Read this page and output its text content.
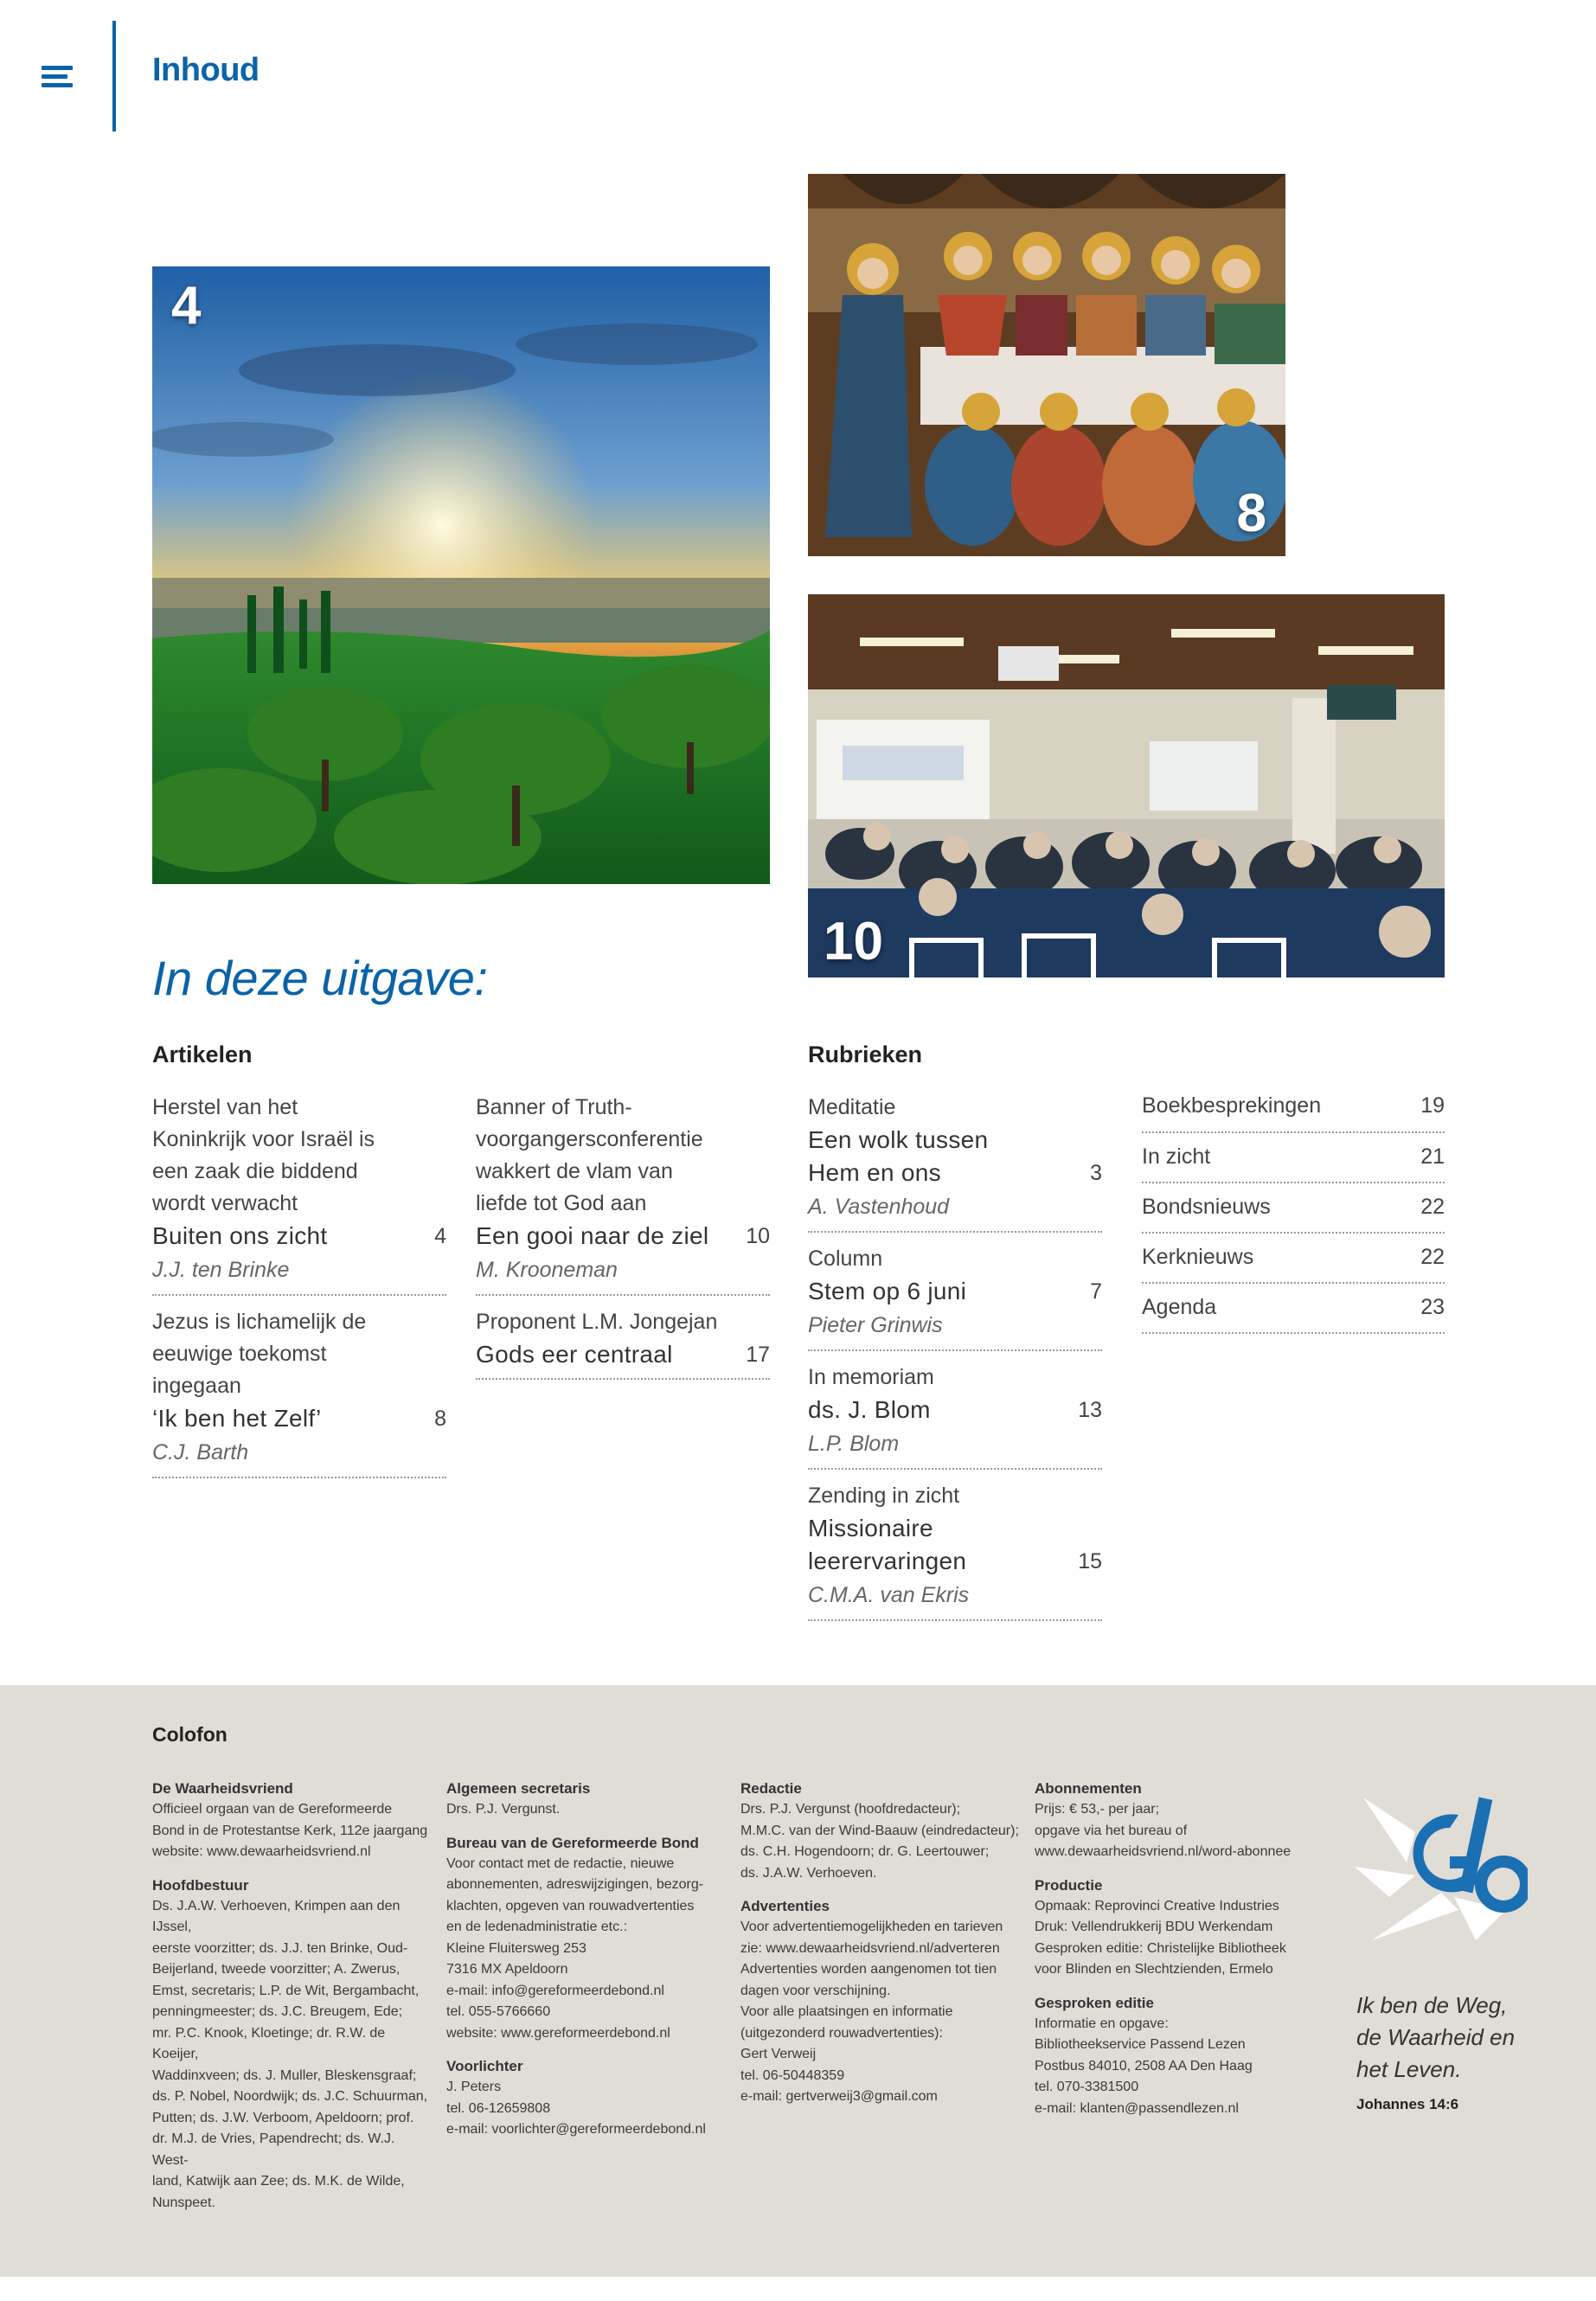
Inhoud
4
8
10
In deze uitgave:
Artikelen	Rubrieken
Herstel van het Koninkrijk voor Israël is een zaak die biddend wordt verwacht
Buiten ons zicht	4
J.J. ten Brinke
Jezus is lichamelijk de eeuwige toekomst ingegaan
‘Ik ben het Zelf’	8
C.J. Barth
Banner of Truth-voorgangersconferentie wakkert de vlam van liefde tot God aan
Een gooi naar de ziel 10
M. Krooneman
Proponent L.M. Jongejan
Gods eer centraal	17
Meditatie
Een wolk tussen Hem en ons	3
A. Vastenhoud
Column
Stem op 6 juni	7
Pieter Grinwis
In memoriam
ds. J. Blom	13
L.P. Blom
Zending in zicht
Missionaire leerervaringen	15
C.M.A. van Ekris
Boekbesprekingen	19
In zicht	21
Bondsnieuws	22
Kerknieuws	22
Agenda	23
Colofon
De Waarheidsvriend

Officieel orgaan van de Gereformeerde
Bond in de Protestantse Kerk, 112e jaargang
website: www.dewaarheidsvriend.nl

Hoofdbestuur

Ds. J.A.W. Verhoeven, Krimpen aan den IJssel,
eerste voorzitter; ds. J.J. ten Brinke, Oud-
Beijerland, tweede voorzitter; A. Zwerus,
Emst, secretaris; L.P. de Wit, Bergambacht,
penningmeester; ds. J.C. Breugem, Ede;
mr. P.C. Knook, Kloetinge; dr. R.W. de Koeijer,
Waddinxveen; ds. J. Muller, Bleskensgraaf;
ds. P. Nobel, Noordwijk; ds. J.C. Schuurman,
Putten; ds. J.W. Verboom, Apeldoorn; prof.
dr. M.J. de Vries, Papendrecht; ds. W.J. West-
land, Katwijk aan Zee; ds. M.K. de Wilde,
Nunspeet.

Algemeen secretaris

Drs. P.J. Vergunst.

Bureau van de Gereformeerde Bond

Voor contact met de redactie, nieuwe
abonnementen, adreswijzigingen, bezorg-
klachten, opgeven van rouwadvertenties
en de ledenadministratie etc.:
Kleine Fluitersweg 253
7316 MX Apeldoorn
e-mail: info@gereformeerdebond.nl
tel. 055-5766660
website: www.gereformeerdebond.nl

Voorlichter

J. Peters
tel. 06-12659808
e-mail: voorlichter@gereformeerdebond.nl

Redactie

Drs. P.J. Vergunst (hoofdredacteur);
M.M.C. van der Wind-Baauw (eindredacteur);
ds. C.H. Hogendoorn; dr. G. Leertouwer;
ds. J.A.W. Verhoeven.

Advertenties

Voor advertentiemogelijkheden en tarieven
zie: www.dewaarheidsvriend.nl/adverteren
Advertenties worden aangenomen tot tien
dagen voor verschijning.
Voor alle plaatsingen en informatie
(uitgezonderd rouwadvertenties):
Gert Verweij
tel. 06-50448359
e-mail: gertverweij3@gmail.com

Abonnementen

Prijs: € 53,- per jaar;
opgave via het bureau of
www.dewaarheidsvriend.nl/word-abonnee

Productie

Opmaak: Reprovinci Creative Industries
Druk: Vellendrukkerij BDU Werkendam
Gesproken editie: Christelijke Bibliotheek
voor Blinden en Slechtzienden, Ermelo

Gesproken editie

Informatie en opgave:
Bibliotheekservice Passend Lezen
Postbus 84010, 2508 AA Den Haag
tel. 070-3381500
e-mail: klanten@passendlezen.nl

Ik ben de Weg,
de Waarheid en
het Leven.
Johannes 14:6
